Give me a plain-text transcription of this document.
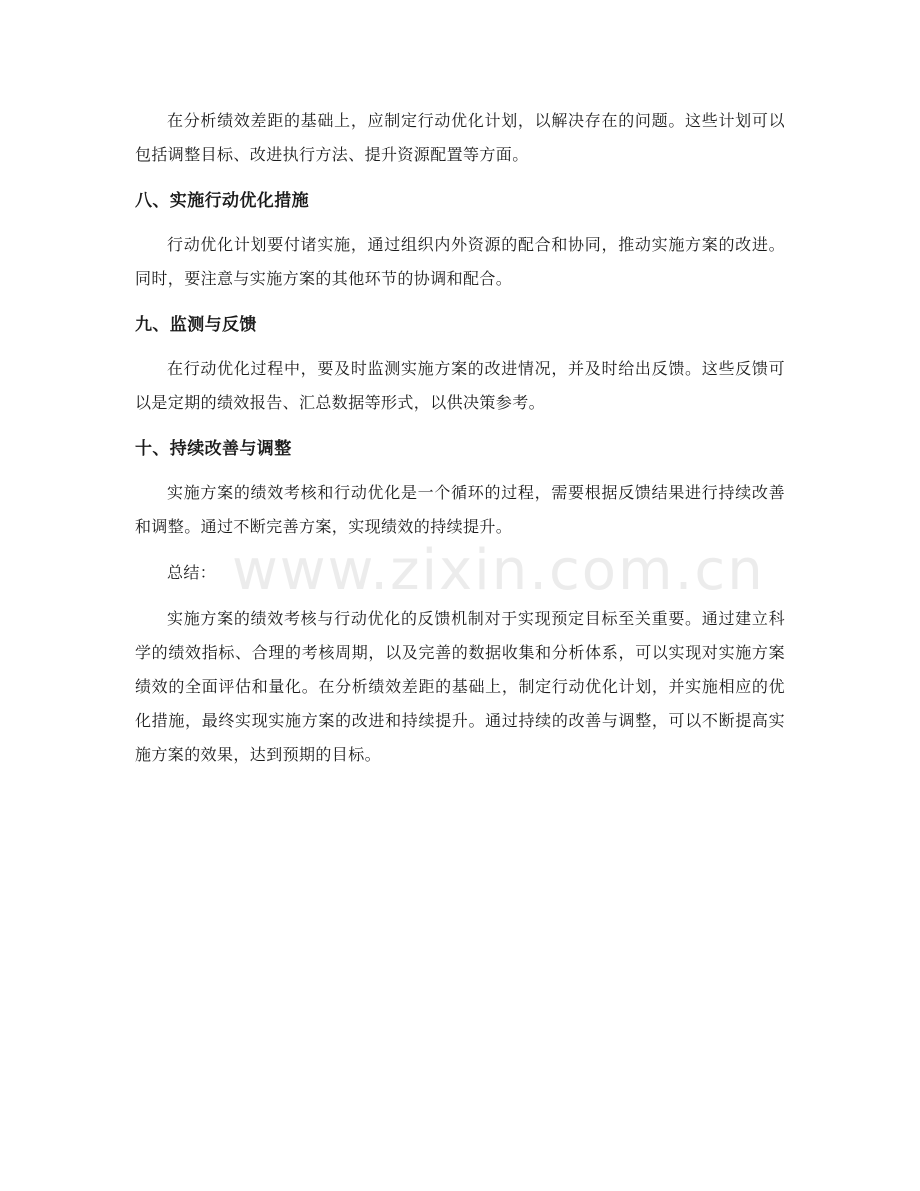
在分析绩效差距的基础上，应制定行动优化计划，以解决存在的问题。这些计划可以包括调整目标、改进执行方法、提升资源配置等方面。

八、实施行动优化措施

行动优化计划要付诸实施，通过组织内外资源的配合和协同，推动实施方案的改进。同时，要注意与实施方案的其他环节的协调和配合。

九、监测与反馈

在行动优化过程中，要及时监测实施方案的改进情况，并及时给出反馈。这些反馈可以是定期的绩效报告、汇总数据等形式，以供决策参考。

十、持续改善与调整

实施方案的绩效考核和行动优化是一个循环的过程，需要根据反馈结果进行持续改善和调整。通过不断完善方案，实现绩效的持续提升。

总结：

实施方案的绩效考核与行动优化的反馈机制对于实现预定目标至关重要。通过建立科学的绩效指标、合理的考核周期，以及完善的数据收集和分析体系，可以实现对实施方案绩效的全面评估和量化。在分析绩效差距的基础上，制定行动优化计划，并实施相应的优化措施，最终实现实施方案的改进和持续提升。通过持续的改善与调整，可以不断提高实施方案的效果，达到预期的目标。

www.zixin.com.cn
